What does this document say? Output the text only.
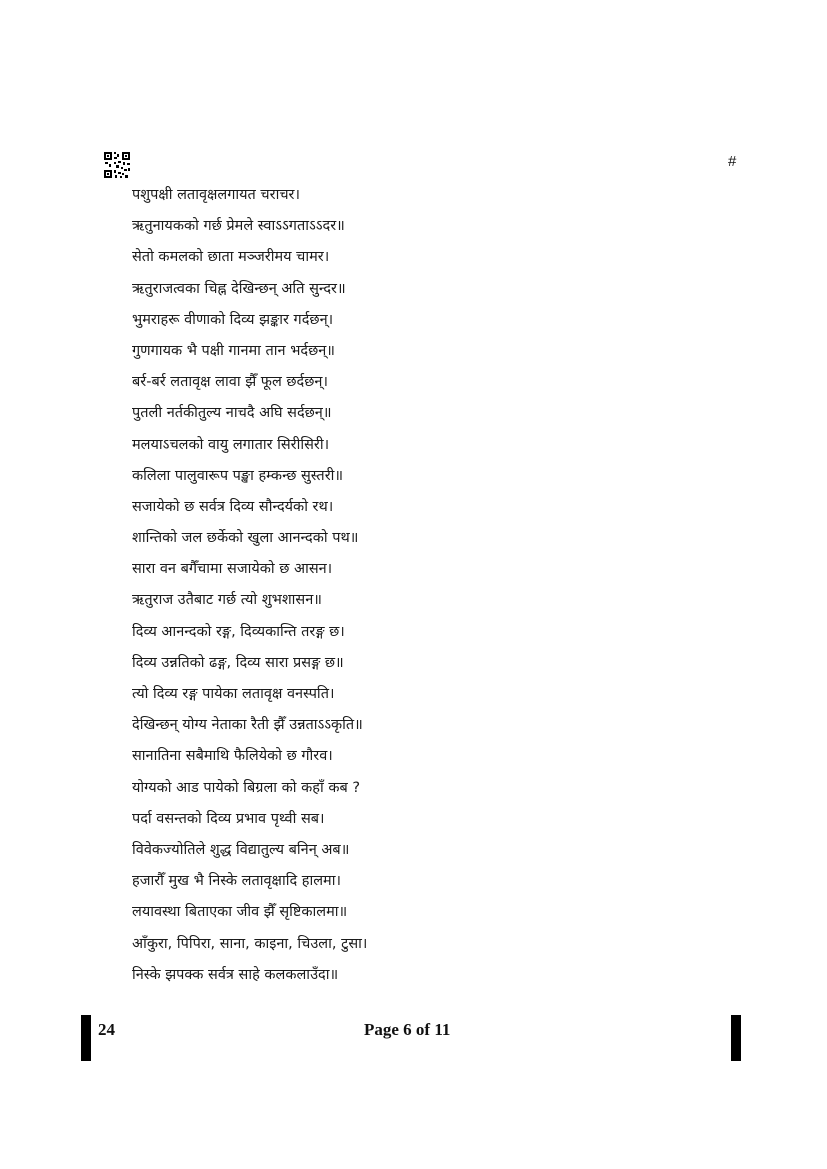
#
पशुपक्षी लतावृक्षलगायत चराचर।
ऋतुनायकको गर्छ प्रेमले स्वाऽऽगताऽऽदर॥
सेतो कमलको छाता मञ्जरीमय चामर।
ऋतुराजत्वका चिह्न देखिन्छन् अति सुन्दर॥
भुमराहरू वीणाको दिव्य झङ्कार गर्दछन्।
गुणगायक भै पक्षी गानमा तान भर्दछन्॥
बर्र-बर्र लतावृक्ष लावा झैँ फूल छर्दछन्।
पुतली नर्तकीतुल्य नाचदै अघि सर्दछन्॥
मलयाऽचलको वायु लगातार सिरीसिरी।
कलिला पालुवारूप पङ्खा हम्कन्छ सुस्तरी॥
सजायेको छ सर्वत्र दिव्य सौन्दर्यको रथ।
शान्तिको जल छर्केको खुला आनन्दको पथ॥
सारा वन बगैँचामा सजायेको छ आसन।
ऋतुराज उतैबाट गर्छ त्यो शुभशासन॥
दिव्य आनन्दको रङ्ग, दिव्यकान्ति तरङ्ग छ।
दिव्य उन्नतिको ढङ्ग, दिव्य सारा प्रसङ्ग छ॥
त्यो दिव्य रङ्ग पायेका लतावृक्ष वनस्पति।
देखिन्छन् योग्य नेताका रैती झैँ उन्नताऽऽकृति॥
सानातिना सबैमाथि फैलियेको छ गौरव।
योग्यको आड पायेको बिग्रला को कहाँ कब ?
पर्दा वसन्तको दिव्य प्रभाव पृथ्वी सब।
विवेकज्योतिले शुद्ध विद्यातुल्य बनिन् अब॥
हजारौँ मुख भै निस्के लतावृक्षादि हालमा।
लयावस्था बिताएका जीव झैँ सृष्टिकालमा॥
आँकुरा, पिपिरा, साना, काइना, चिउला, टुसा।
निस्के झपक्क सर्वत्र साहे कलकलाउँदा॥
24	Page 6 of 11
